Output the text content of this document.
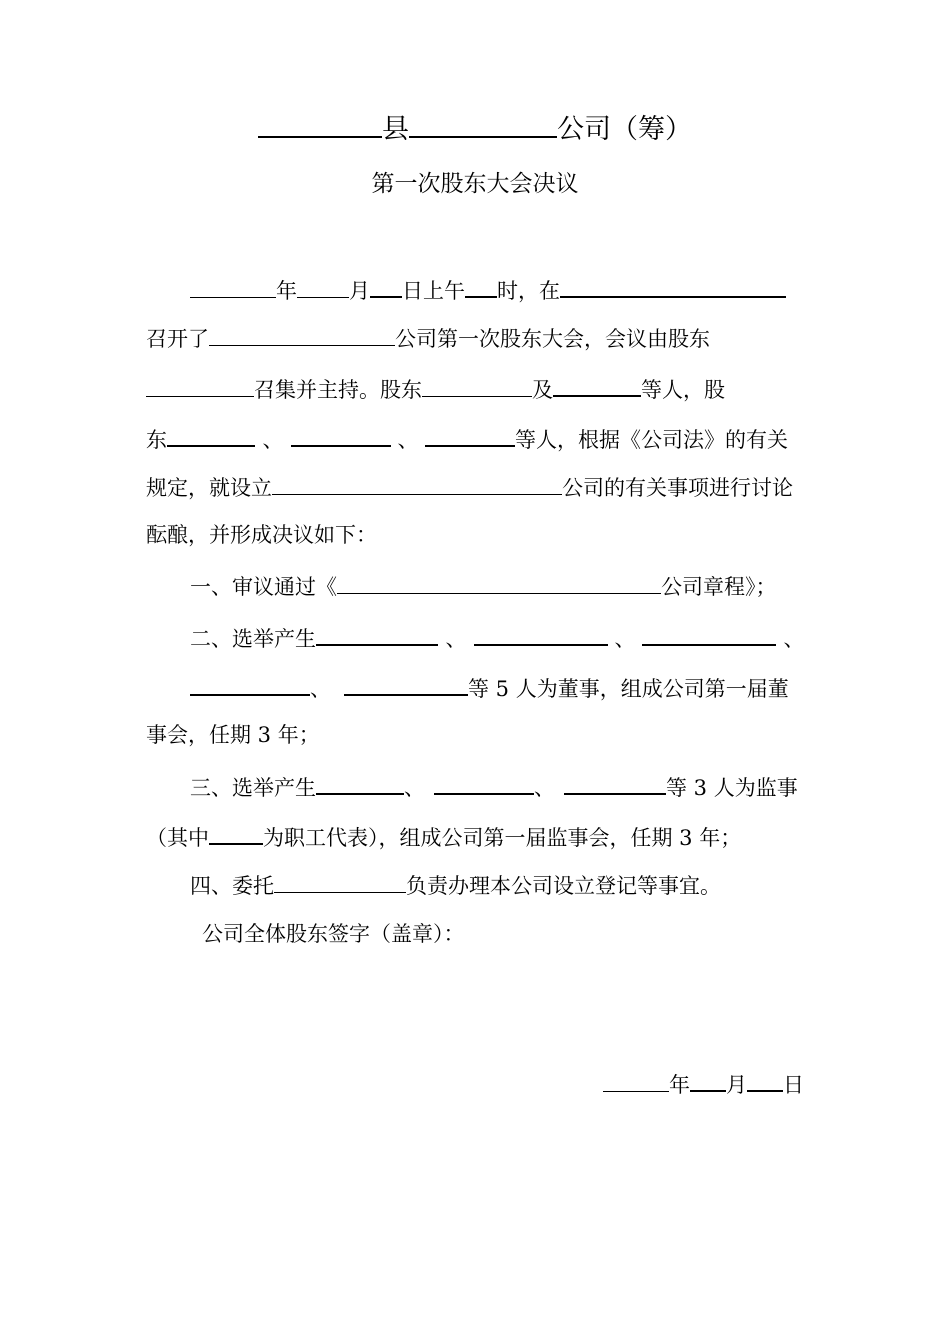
县	公司（筹）
第一次股东大会决议
年 月 日上午 时，在
召开了	公司第一次股东大会，会议由股东
召集并主持。股东	及	等人，股
东	、	、	等人，根据《公司法》的有关
规定，就设立	公司的有关事项进行讨论
酝酿，并形成决议如下：
一、审议通过《	公司章程》；
二、选举产生	、	、	、
、	等 5 人为董事，组成公司第一届董
事会，任期 3 年；
三、选举产生	、	、	等 3 人为监事
（其中	为职工代表），组成公司第一届监事会，任期 3 年；
四、委托	负责办理本公司设立登记等事宜。
公司全体股东签字（盖章）：
年 月 日
